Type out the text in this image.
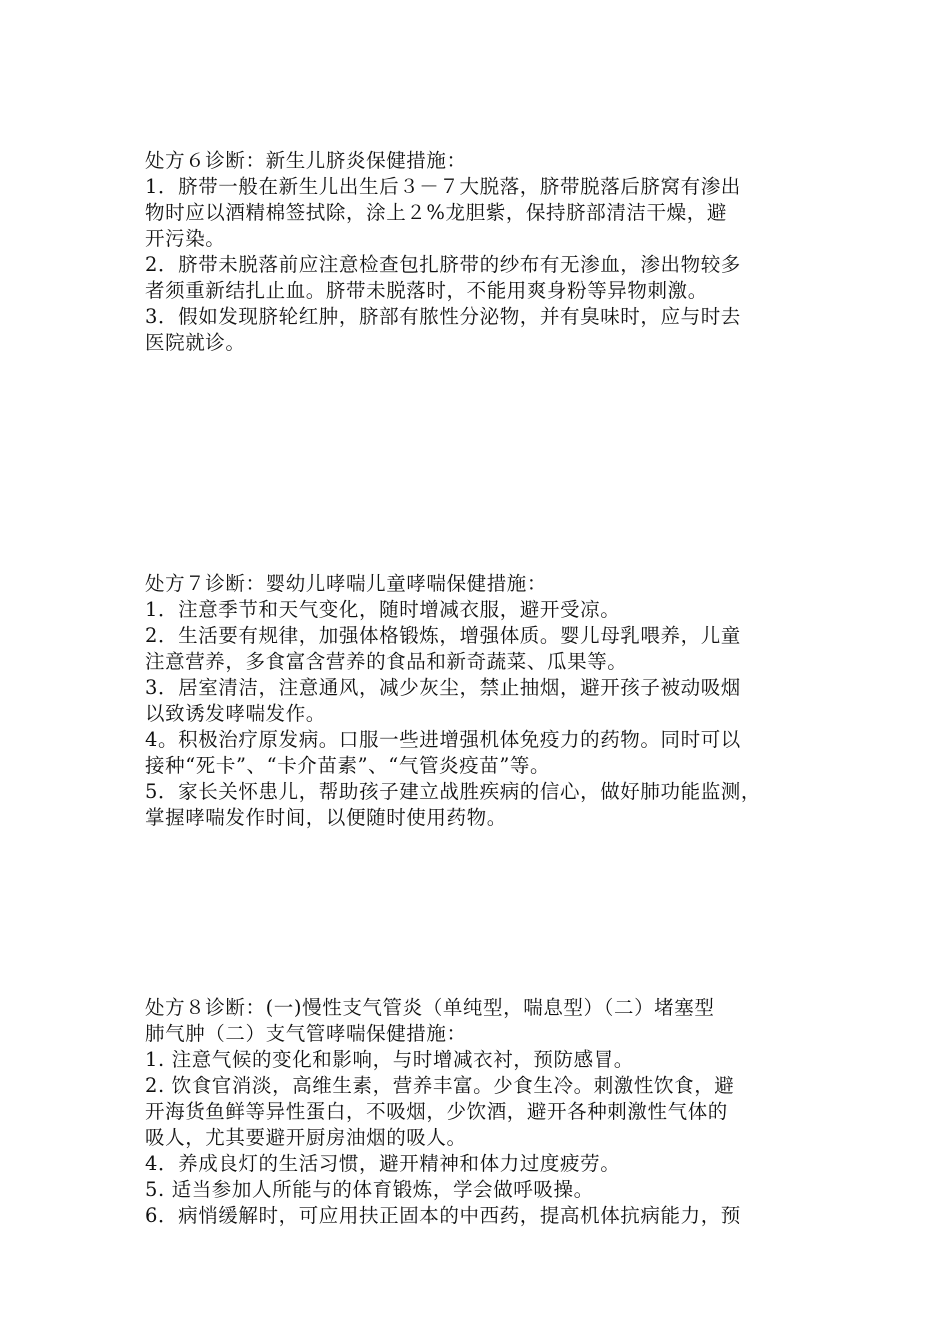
处方６诊断：新生儿脐炎保健措施：
1．脐带一般在新生儿出生后３－７大脱落，脐带脱落后脐窝有渗出
物时应以酒精棉签拭除，涂上２%龙胆紫，保持脐部清洁干燥，避
开污染。
2．脐带未脱落前应注意检查包扎脐带的纱布有无渗血，渗出物较多
者须重新结扎止血。脐带未脱落时，不能用爽身粉等异物刺激。
3．假如发现脐轮红肿，脐部有脓性分泌物，并有臭味时，应与时去
医院就诊。
处方７诊断：婴幼儿哮喘儿童哮喘保健措施：
1．注意季节和天气变化，随时增减衣服，避开受凉。
2．生活要有规律，加强体格锻炼，增强体质。婴儿母乳喂养，儿童
注意营养，多食富含营养的食品和新奇蔬菜、瓜果等。
3．居室清洁，注意通风，减少灰尘，禁止抽烟，避开孩子被动吸烟
以致诱发哮喘发作。
4。积极治疗原发病。口服一些进增强机体免疫力的药物。同时可以
接种“死卡”、“卡介苗素”、“气管炎疫苗”等。
5．家长关怀患儿，帮助孩子建立战胜疾病的信心，做好肺功能监测，
掌握哮喘发作时间，以便随时使用药物。
处方８诊断：(一)慢性支气管炎（单纯型，喘息型）（二）堵塞型
肺气肿（二）支气管哮喘保健措施：
1. 注意气候的变化和影响，与时增减衣衬，预防感冒。
2. 饮食官消淡，高维生素，营养丰富。少食生冷。刺激性饮食，避
开海货鱼鲜等异性蛋白，不吸烟，少饮酒，避开各种刺激性气体的
吸人，尤其要避开厨房油烟的吸人。
4．养成良灯的生活习惯，避开精神和体力过度疲劳。
5. 适当参加人所能与的体育锻炼，学会做呼吸操。
6．病悄缓解时，可应用扶正固本的中西药，提高机体抗病能力，预
